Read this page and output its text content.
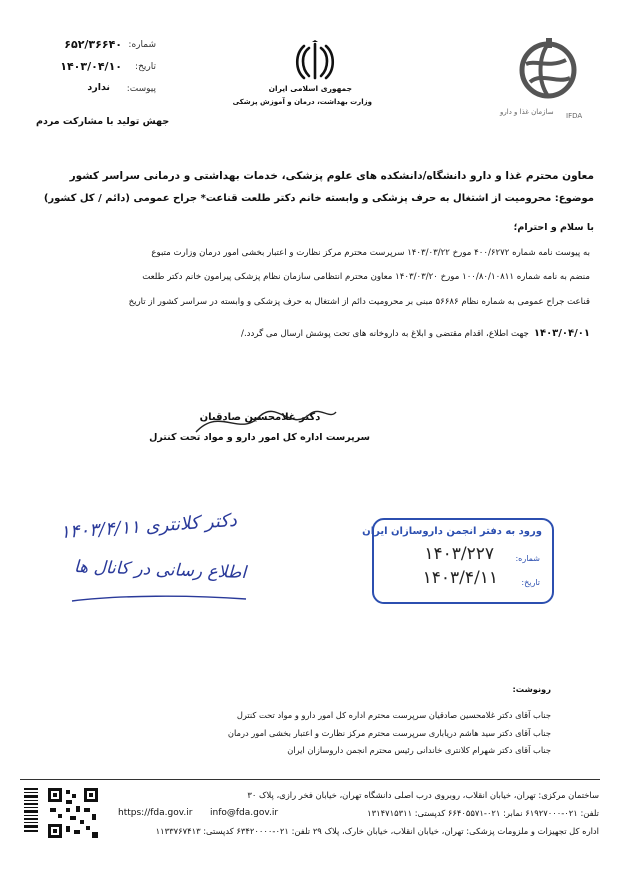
شماره:
۶۵۲/۳۶۶۴۰
تاریخ:
۱۴۰۳/۰۴/۱۰
پیوست:
ندارد
جهش تولید با مشارکت مردم
جمهوری اسلامی ایران
وزارت بهداشت، درمان و آموزش پزشکی
سازمان غذا و دارو IFDA
معاون محترم غذا و دارو دانشگاه/دانشکده های علوم پزشکی، خدمات بهداشتی و درمانی سراسر کشور
موضوع: محرومیت از اشتغال به حرف پزشکی و وابسته خانم دکتر طلعت قناعت* جراح عمومی (دائم / کل کشور)
با سلام و احترام؛
به پیوست نامه شماره ۴۰۰/۶۲۷۲ مورخ ۱۴۰۳/۰۳/۲۲ سرپرست محترم مرکز نظارت و اعتبار بخشی امور درمان وزارت متبوع
منضم به نامه شماره ۱۰۰/۸۰/۱۰۸۱۱ مورخ ۱۴۰۳/۰۳/۲۰ معاون محترم انتظامی سازمان نظام پزشکی پیرامون خانم دکتر طلعت
قناعت جراح عمومی به شماره نظام ۵۶۶۸۶ مبنی بر محرومیت دائم از اشتغال به حرف پزشکی و وابسته در سراسر کشور از تاریخ
۱۴۰۳/۰۴/۰۱ جهت اطلاع، اقدام مقتضی و ابلاغ به داروخانه های تحت پوشش ارسال می گردد./
دکتر غلامحسین صادقیان
سرپرست اداره کل امور دارو و مواد تحت کنترل
دکتر کلانتری ۱۴۰۳/۴/۱۱
اطلاع رسانی در کانال ها
ورود به دفتر انجمن داروسازان ایران
شماره:
۱۴۰۳/۲۲۷
تاریخ:
۱۴۰۳/۴/۱۱
رونوشت:
جناب آقای دکتر غلامحسین صادقیان سرپرست محترم اداره کل امور دارو و مواد تحت کنترل
جناب آقای دکتر سید هاشم دریاباری سرپرست محترم مرکز نظارت و اعتبار بخشی امور درمان
جناب آقای دکتر شهرام کلانتری خاندانی رئیس محترم انجمن داروسازان ایران
ساختمان مرکزی: تهران، خیابان انقلاب، روبروی درب اصلی دانشگاه تهران، خیابان فخر رازی، پلاک ۳۰
https://fda.gov.ir info@fda.gov.ir	تلفن: ۰۲۱-۶۱۹۲۷۰۰۰ نمابر: ۰۲۱-۶۶۴۰۵۵۷۱ کدپستی: ۱۳۱۴۷۱۵۳۱۱
اداره کل تجهیزات و ملزومات پزشکی: تهران، خیابان انقلاب، خیابان خارک، پلاک ۲۹ تلفن: ۰۲۱-۶۳۴۲۰۰۰۰ کدپستی: ۱۱۳۳۷۶۷۴۱۳
